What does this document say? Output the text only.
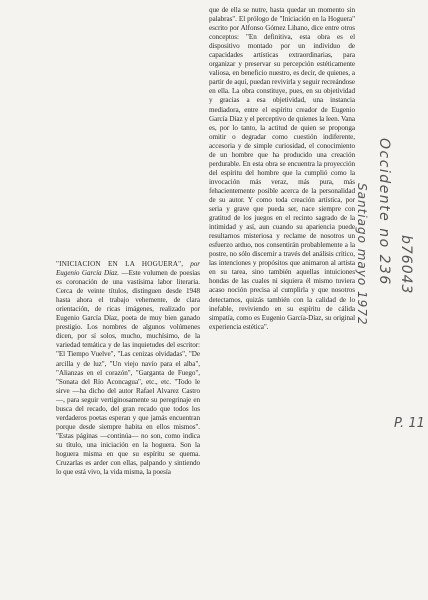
"INICIACION EN LA HOGUERA", por Eugenio García Díaz. —Este volumen de poesías es coronación de una vastísima labor literaria. Cerca de veinte títulos, distinguen desde 1948 hasta ahora el trabajo vehemente, de clara orientación, de ricas imágenes, realizado por Eugenio García Díaz, poeta de muy bien ganado prestigio. Los nombres de algunos volúmenes dicen, por sí solos, mucho, muchísimo, de la variedad temática y de las inquietudes del escritor: "El Tiempo Vuelve", "Las cenizas olvidadas", "De arcilla y de luz", "Un viejo navío para el alba", "Alianzas en el corazón", "Garganta de Fuego", "Sonata del Río Aconcagua", etc., etc. "Todo le sirve —ha dicho del autor Rafael Alvarez Castro—, para seguir vertiginosamente su peregrinaje en busca del recado, del gran recado que todos los verdaderos poetas esperan y que jamás encuentran porque desde siempre habita en ellos mismos". "Estas páginas —continúa— no son, como indica su título, una iniciación en la hoguera. Son la hoguera misma en que su espíritu se quema. Cruzarlas es arder con ellas, palpando y sintiendo lo que está vivo, la vida misma, la poesía

que de ella se nutre, hasta quedar un momento sin palabras". El prólogo de "Iniciación en la Hoguera" escrito por Alfonso Gómez Lihano, dice entre otros conceptos: "En definitiva, esta obra es el dispositivo montado por un individuo de capacidades artísticas extraordinarias, para organizar y preservar su percepción estéticamente valiosa, en beneficio nuestro, es decir, de quienes, a partir de aquí, puedan revivirla y seguir recreándose en ella. La obra constituye, pues, en su objetividad y gracias a esa objetividad, una instancia mediadora, entre el espíritu creador de Eugenio García Díaz y el perceptivo de quienes la leen. Vana es, por lo tanto, la actitud de quien se proponga omitir o degradar como cuestión indiferente, accesoria y de simple curiosidad, el conocimiento de un hombre que ha producido una creación perdurable. En esta obra se encuentra la proyección del espíritu del hombre que la cumplió como la invocación más veraz, más pura, más fehacientemente posible acerca de la personalidad de su autor. Y como toda creación artística, por seria y grave que pueda ser, nace siempre con gratitud de los juegos en el recinto sagrado de la intimidad y así, aun cuando su apariencia puede resultarnos misteriosa y reclame de nosotros un esfuerzo arduo, nos consentirán probablemente a la postre, no sólo discernir a través del análisis crítico, las intenciones y propósitos que animaron al artista en su tarea, sino también aquellas intuiciones hondas de las cuales ni siquiera él mismo tuviera acaso noción precisa al cumplirla y que nosotros detectamos, quizás también con la calidad de lo inefable, reviviendo en su espíritu de cálida simpatía, como es Eugenio García-Díaz, su original experiencia estética".

Occidente no 236
Santiago mayo 1972 b76043
P. 11
